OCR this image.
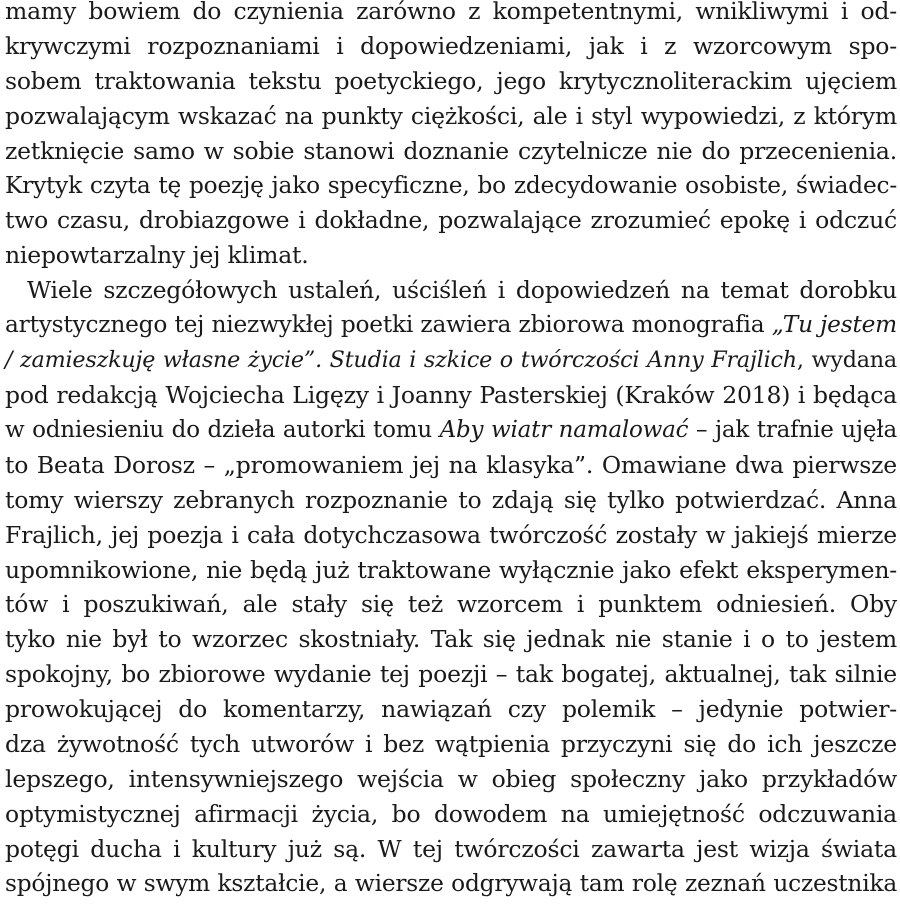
mamy bowiem do czynienia zarówno z kompetentnymi, wnikliwymi i od-

krywczymi rozpoznaniami i dopowiedzeniami, jak i z wzorcowym spo-

sobem traktowania tekstu poetyckiego, jego krytycznoliterackim ujęciem

pozwalającym wskazać na punkty ciężkości, ale i styl wypowiedzi, z którym

zetknięcie samo w sobie stanowi doznanie czytelnicze nie do przecenienia.

Krytyk czyta tę poezję jako specyficzne, bo zdecydowanie osobiste, świadec-

two czasu, drobiazgowe i dokładne, pozwalające zrozumieć epokę i odczuć

niepowtarzalny jej klimat.

Wiele szczegółowych ustaleń, uściśleń i dopowiedzeń na temat dorobku

artystycznego tej niezwykłej poetki zawiera zbiorowa monografia „Tu jestem

/ zamieszkuję własne życie”. Studia i szkice o twórczości Anny Frajlich, wydana

pod redakcją Wojciecha Ligęzy i Joanny Pasterskiej (Kraków 2018) i będąca

w odniesieniu do dzieła autorki tomu Aby wiatr namalować – jak trafnie ujęła

to Beata Dorosz – „promowaniem jej na klasyka”. Omawiane dwa pierwsze

tomy wierszy zebranych rozpoznanie to zdają się tylko potwierdzać. Anna

Frajlich, jej poezja i cała dotychczasowa twórczość zostały w jakiejś mierze

upomnikowione, nie będą już traktowane wyłącznie jako efekt eksperymen-

tów i poszukiwań, ale stały się też wzorcem i punktem odniesień. Oby

tyko nie był to wzorzec skostniały. Tak się jednak nie stanie i o to jestem

spokojny, bo zbiorowe wydanie tej poezji – tak bogatej, aktualnej, tak silnie

prowokującej do komentarzy, nawiązań czy polemik – jedynie potwier-

dza żywotność tych utworów i bez wątpienia przyczyni się do ich jeszcze

lepszego, intensywniejszego wejścia w obieg społeczny jako przykładów

optymistycznej afirmacji życia, bo dowodem na umiejętność odczuwania

potęgi ducha i kultury już są. W tej twórczości zawarta jest wizja świata

spójnego w swym kształcie, a wiersze odgrywają tam rolę zeznań uczestnika
